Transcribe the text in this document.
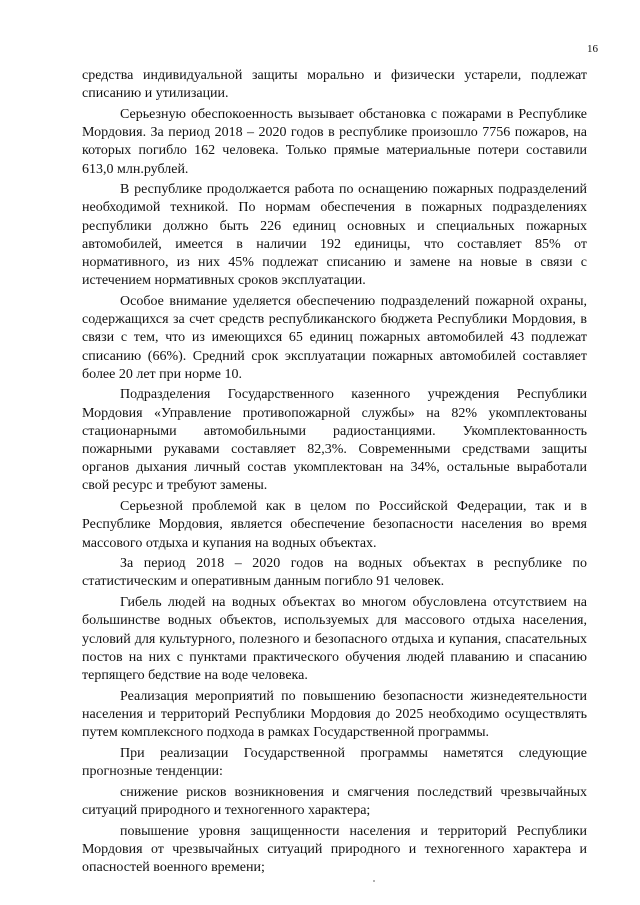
16

средства индивидуальной защиты морально и физически устарели, подлежат списанию и утилизации.

Серьезную обеспокоенность вызывает обстановка с пожарами в Республике Мордовия. За период 2018 – 2020 годов в республике произошло 7756 пожаров, на которых погибло 162 человека. Только прямые материальные потери составили 613,0 млн.рублей.

В республике продолжается работа по оснащению пожарных подразделений необходимой техникой. По нормам обеспечения в пожарных подразделениях республики должно быть 226 единиц основных и специальных пожарных автомобилей, имеется в наличии 192 единицы, что составляет 85% от нормативного, из них 45% подлежат списанию и замене на новые в связи с истечением нормативных сроков эксплуатации.

Особое внимание уделяется обеспечению подразделений пожарной охраны, содержащихся за счет средств республиканского бюджета Республики Мордовия, в связи с тем, что из имеющихся 65 единиц пожарных автомобилей 43 подлежат списанию (66%). Средний срок эксплуатации пожарных автомобилей составляет более 20 лет при норме 10.

Подразделения Государственного казенного учреждения Республики Мордовия «Управление противопожарной службы» на 82% укомплектованы стационарными автомобильными радиостанциями. Укомплектованность пожарными рукавами составляет 82,3%. Современными средствами защиты органов дыхания личный состав укомплектован на 34%, остальные выработали свой ресурс и требуют замены.

Серьезной проблемой как в целом по Российской Федерации, так и в Республике Мордовия, является обеспечение безопасности населения во время массового отдыха и купания на водных объектах.

За период 2018 – 2020 годов на водных объектах в республике по статистическим и оперативным данным погибло 91 человек.

Гибель людей на водных объектах во многом обусловлена отсутствием на большинстве водных объектов, используемых для массового отдыха населения, условий для культурного, полезного и безопасного отдыха и купания, спасательных постов на них с пунктами практического обучения людей плаванию и спасанию терпящего бедствие на воде человека.

Реализация мероприятий по повышению безопасности жизнедеятельности населения и территорий Республики Мордовия до 2025 необходимо осуществлять путем комплексного подхода в рамках Государственной программы.

При реализации Государственной программы наметятся следующие прогнозные тенденции:

снижение рисков возникновения и смягчения последствий чрезвычайных ситуаций природного и техногенного характера;

повышение уровня защищенности населения и территорий Республики Мордовия от чрезвычайных ситуаций природного и техногенного характера и опасностей военного времени;
